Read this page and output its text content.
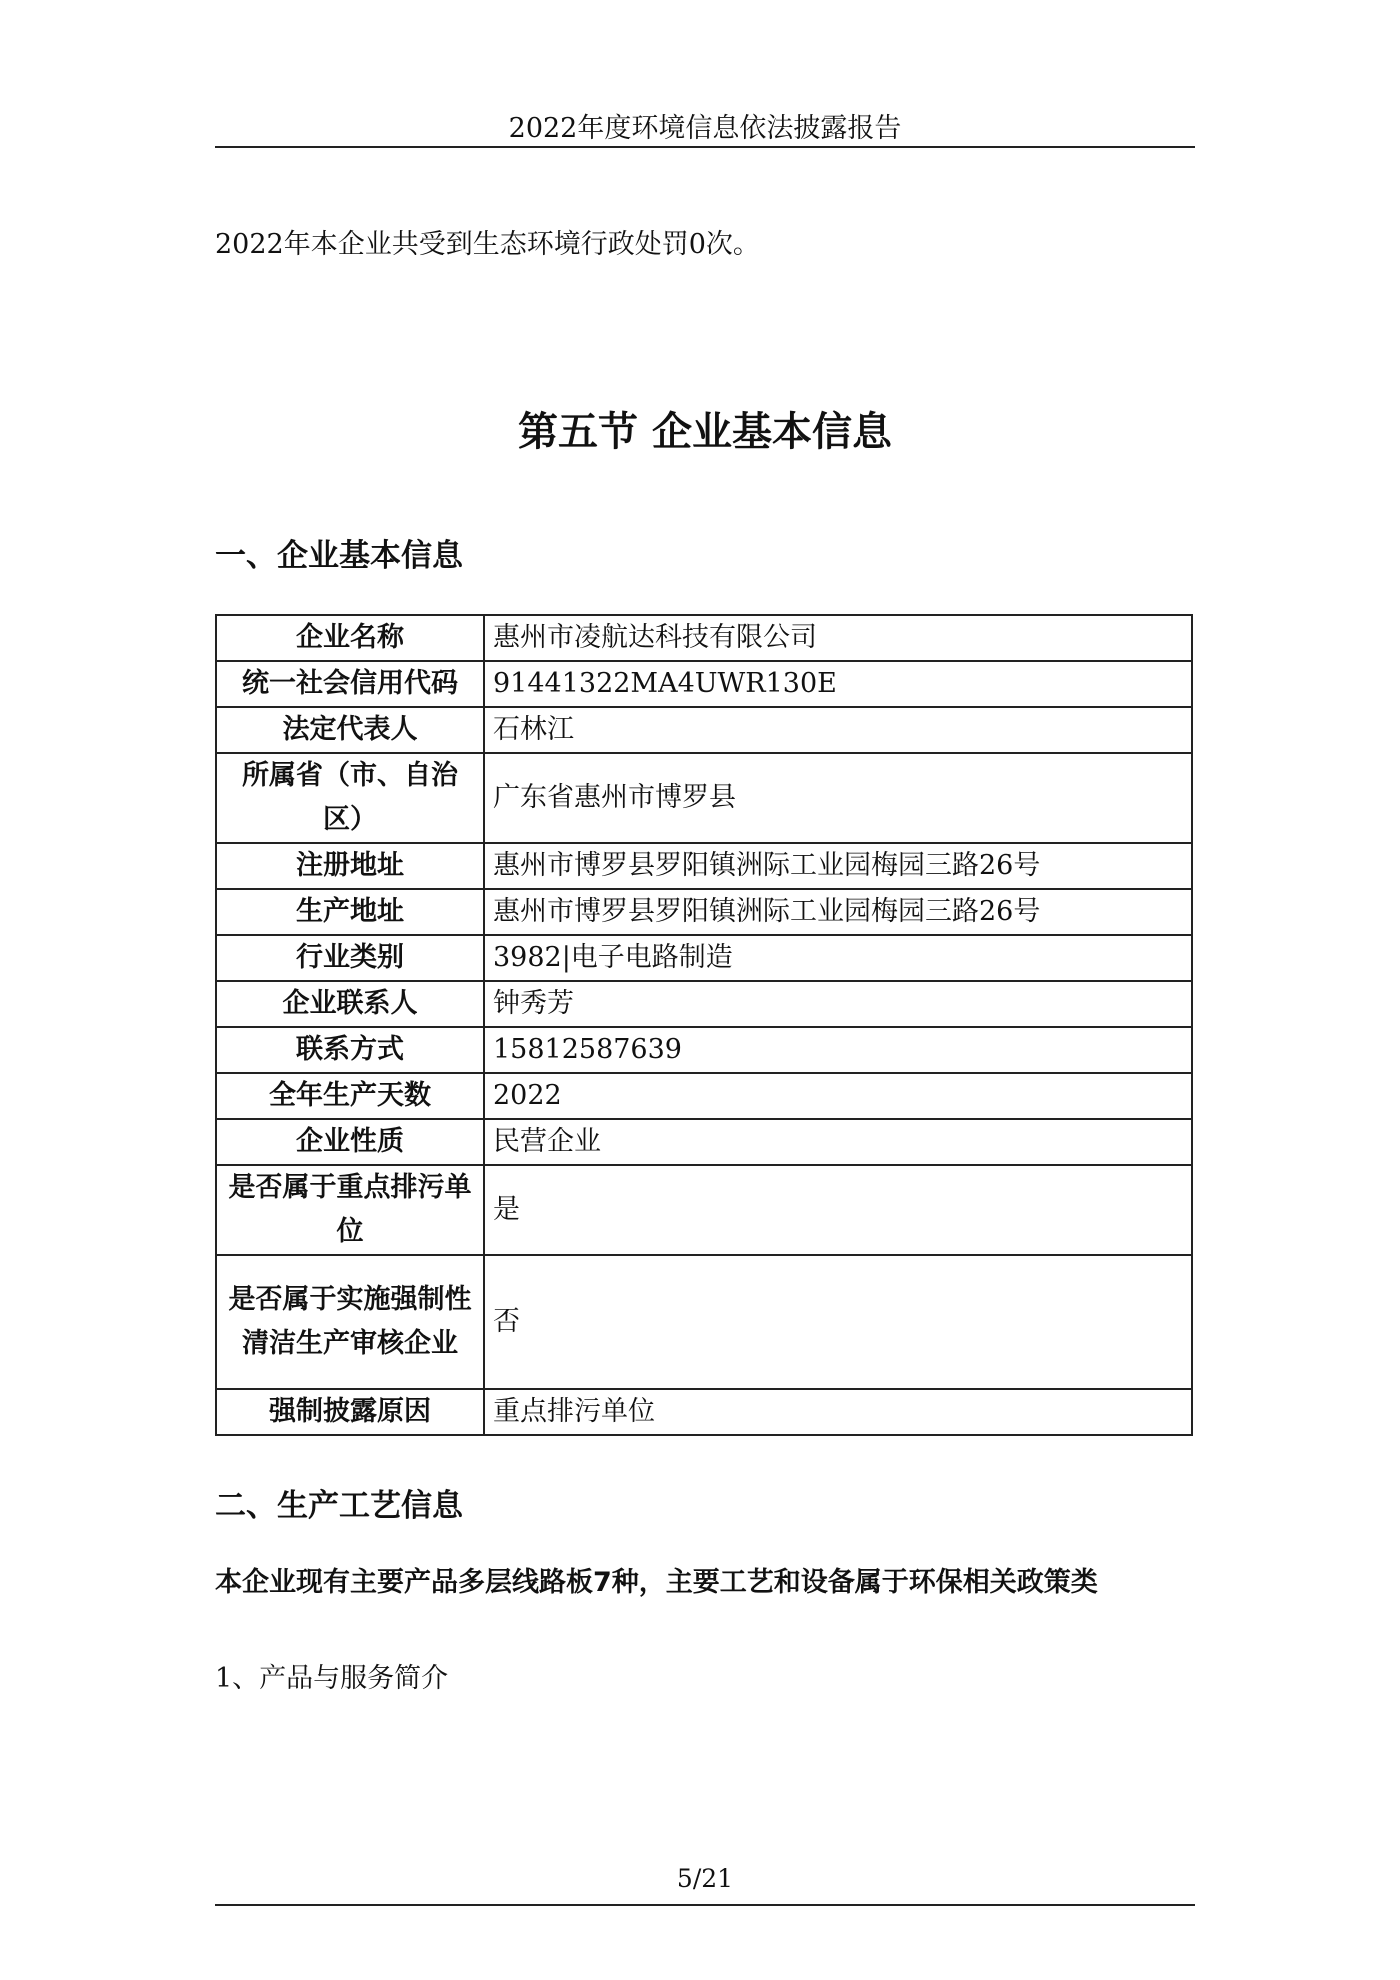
2022年度环境信息依法披露报告
2022年本企业共受到生态环境行政处罚0次。
第五节 企业基本信息
一、企业基本信息
企业名称	惠州市凌航达科技有限公司
统一社会信用代码	91441322MA4UWR130E
法定代表人	石林江
所属省（市、自治区）	广东省惠州市博罗县
注册地址	惠州市博罗县罗阳镇洲际工业园梅园三路26号
生产地址	惠州市博罗县罗阳镇洲际工业园梅园三路26号
行业类别	3982|电子电路制造
企业联系人	钟秀芳
联系方式	15812587639
全年生产天数	2022
企业性质	民营企业
是否属于重点排污单位	是
是否属于实施强制性清洁生产审核企业	否
强制披露原因	重点排污单位
二、生产工艺信息
本企业现有主要产品多层线路板7种，主要工艺和设备属于环保相关政策类
1、产品与服务简介
5/21
